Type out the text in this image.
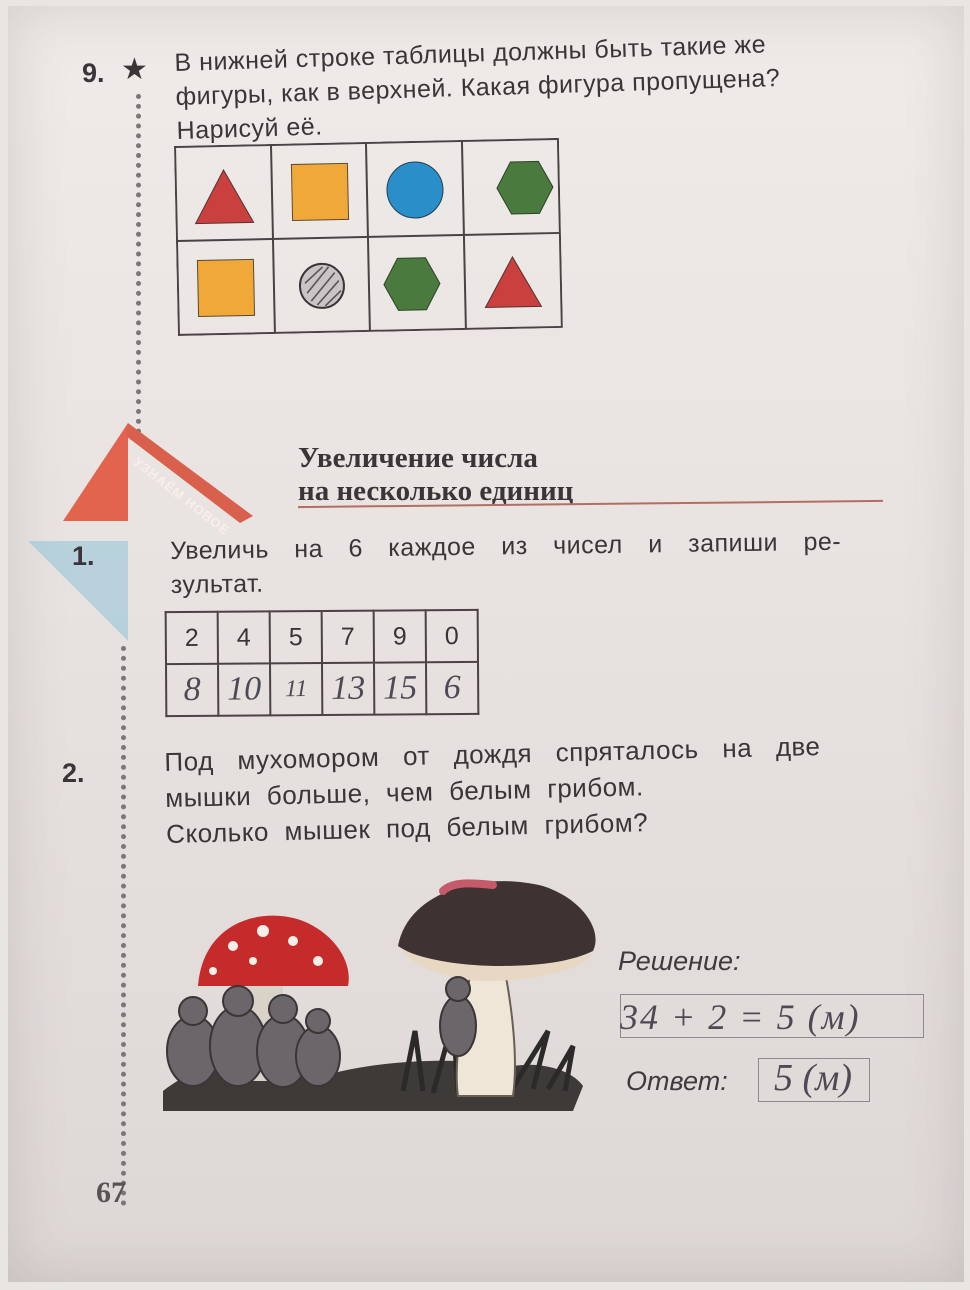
9. ★ В нижней строке таблицы должны быть такие же
фигуры, как в верхней. Какая фигура пропущена?
Нарисуй её.
УЗНАЁМ НОВОЕ Увеличение числа
на несколько единиц
1.	Увеличь на 6 каждое из чисел и запиши ре-
зультат.
2	4	5	7	9	0
8	10	11	13	15	6
2.	Под мухомором от дождя спряталось на две
мышки больше, чем белым грибом.
Сколько мышек под белым грибом?
Решение:
34 + 2 = 5 (м)
Ответ: 5 (м)
67
